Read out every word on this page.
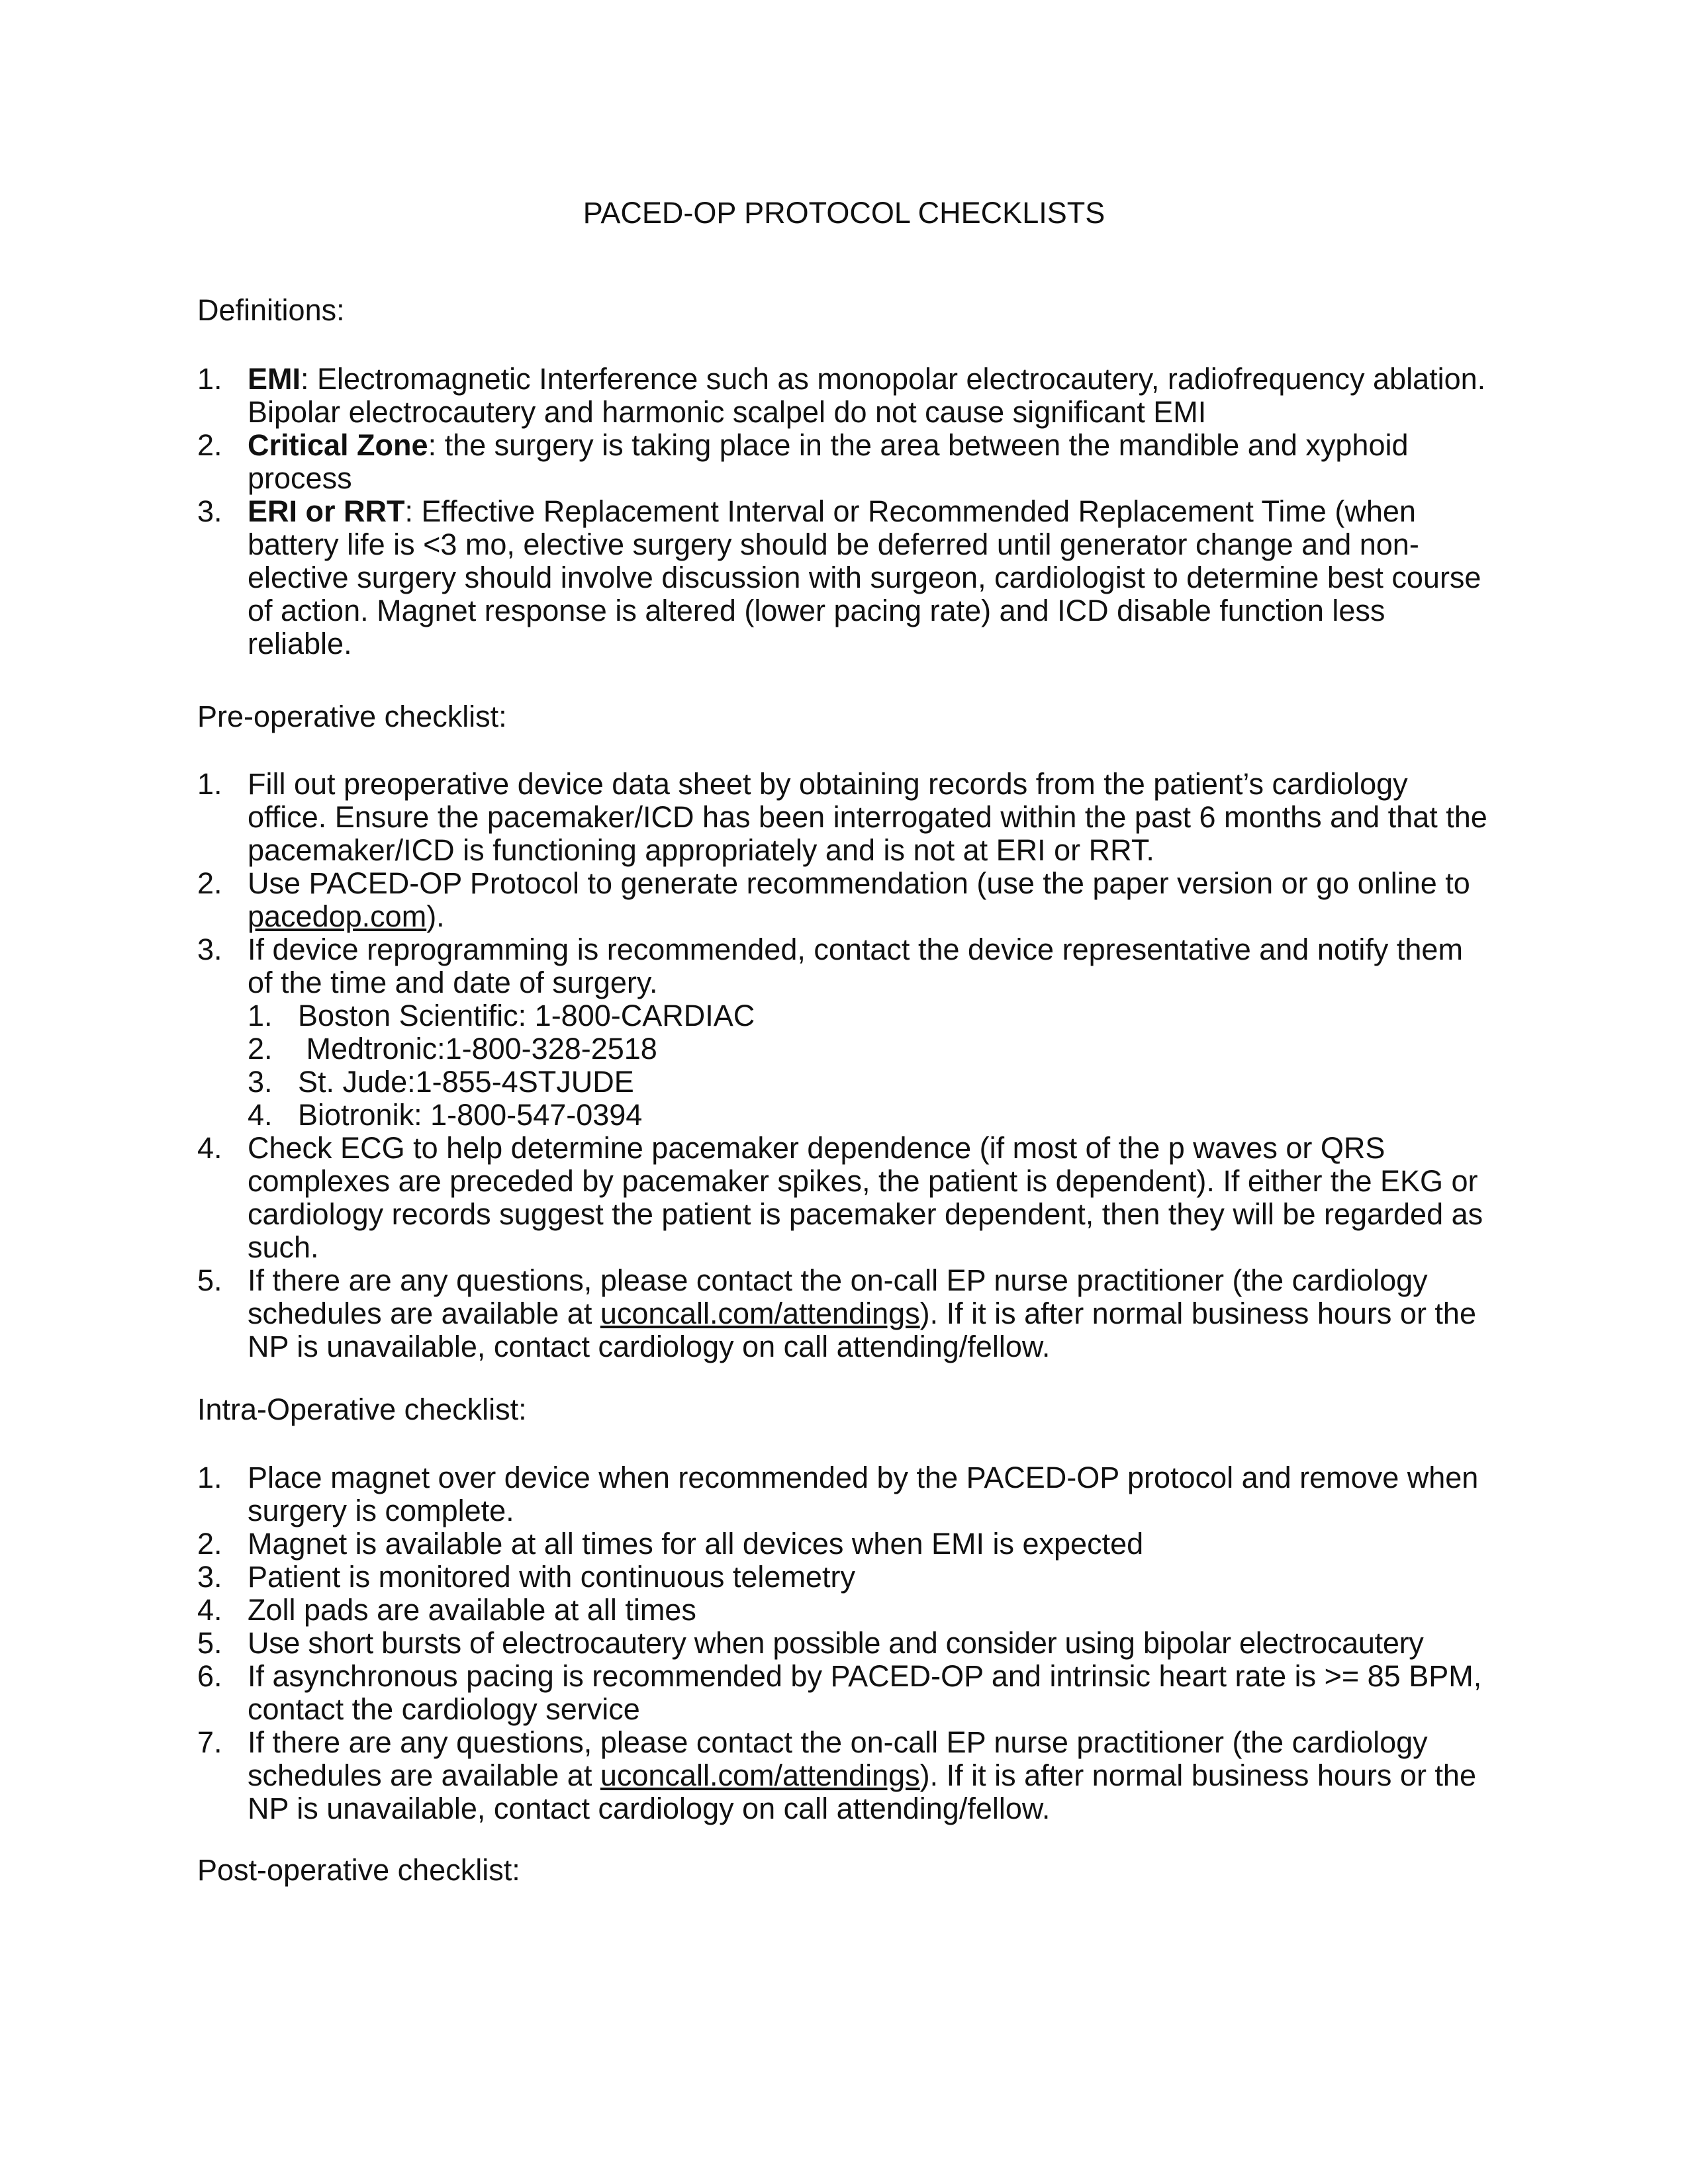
PACED-OP PROTOCOL CHECKLISTS
Definitions:
1. EMI: Electromagnetic Interference such as monopolar electrocautery, radiofrequency ablation. Bipolar electrocautery and harmonic scalpel do not cause significant EMI
2. Critical Zone: the surgery is taking place in the area between the mandible and xyphoid process
3. ERI or RRT: Effective Replacement Interval or Recommended Replacement Time (when battery life is <3 mo, elective surgery should be deferred until generator change and non-elective surgery should involve discussion with surgeon, cardiologist to determine best course of action. Magnet response is altered (lower pacing rate) and ICD disable function less reliable.
Pre-operative checklist:
1. Fill out preoperative device data sheet by obtaining records from the patient’s cardiology office. Ensure the pacemaker/ICD has been interrogated within the past 6 months and that the pacemaker/ICD is functioning appropriately and is not at ERI or RRT.
2. Use PACED-OP Protocol to generate recommendation (use the paper version or go online to pacedop.com).
3. If device reprogramming is recommended, contact the device representative and notify them of the time and date of surgery.
1. Boston Scientific: 1-800-CARDIAC
2. Medtronic:1-800-328-2518
3. St. Jude:1-855-4STJUDE
4. Biotronik: 1-800-547-0394
4. Check ECG to help determine pacemaker dependence (if most of the p waves or QRS complexes are preceded by pacemaker spikes, the patient is dependent). If either the EKG or cardiology records suggest the patient is pacemaker dependent, then they will be regarded as such.
5. If there are any questions, please contact the on-call EP nurse practitioner (the cardiology schedules are available at uconcall.com/attendings). If it is after normal business hours or the NP is unavailable, contact cardiology on call attending/fellow.
Intra-Operative checklist:
1. Place magnet over device when recommended by the PACED-OP protocol and remove when surgery is complete.
2. Magnet is available at all times for all devices when EMI is expected
3. Patient is monitored with continuous telemetry
4. Zoll pads are available at all times
5. Use short bursts of electrocautery when possible and consider using bipolar electrocautery
6. If asynchronous pacing is recommended by PACED-OP and intrinsic heart rate is >= 85 BPM, contact the cardiology service
7. If there are any questions, please contact the on-call EP nurse practitioner (the cardiology schedules are available at uconcall.com/attendings). If it is after normal business hours or the NP is unavailable, contact cardiology on call attending/fellow.
Post-operative checklist:
